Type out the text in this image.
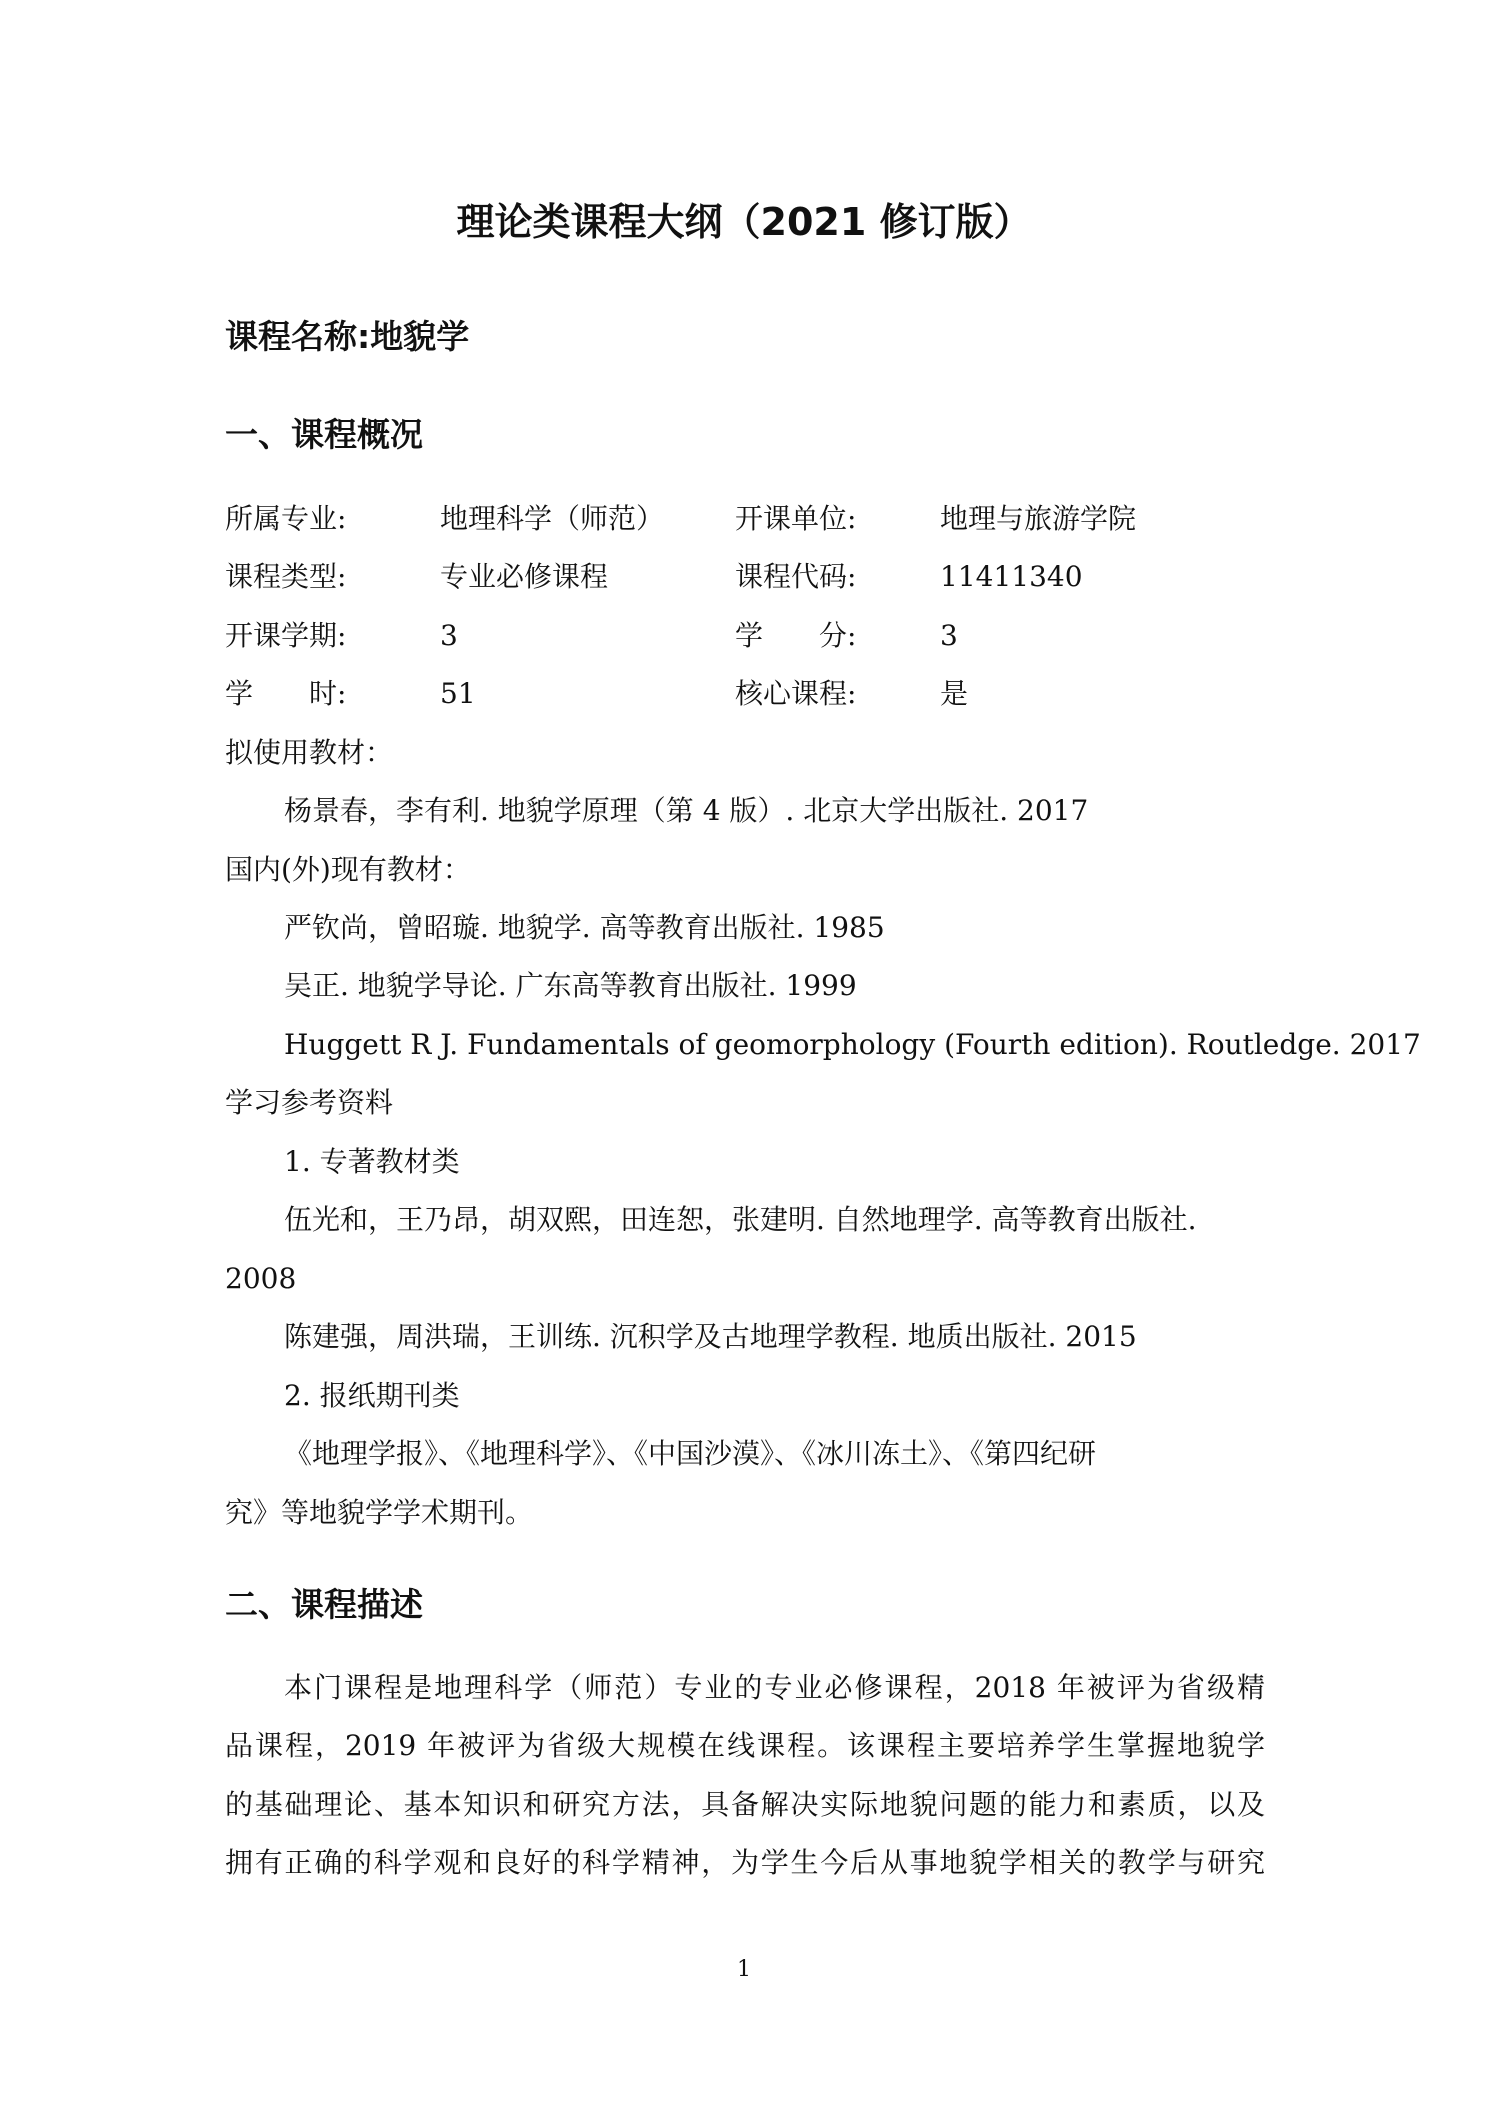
理论类课程大纲（2021 修订版）
课程名称:地貌学
一、课程概况
所属专业:	地理科学（师范）	开课单位:	地理与旅游学院
课程类型:	专业必修课程	课程代码:	11411340
开课学期:	3	学　　分:	3
学　　时:	51	核心课程:	是
拟使用教材：
杨景春，李有利. 地貌学原理（第 4 版）. 北京大学出版社. 2017
国内(外)现有教材：
严钦尚，曾昭璇. 地貌学. 高等教育出版社. 1985
吴正. 地貌学导论. 广东高等教育出版社. 1999
Huggett R J. Fundamentals of geomorphology (Fourth edition). Routledge. 2017
学习参考资料
1. 专著教材类
伍光和，王乃昂，胡双熙，田连恕，张建明. 自然地理学. 高等教育出版社.
2008
陈建强，周洪瑞，王训练. 沉积学及古地理学教程. 地质出版社. 2015
2. 报纸期刊类
《地理学报》、《地理科学》、《中国沙漠》、《冰川冻土》、《第四纪研
究》等地貌学学术期刊。
二、课程描述
本门课程是地理科学（师范）专业的专业必修课程，2018 年被评为省级精
品课程，2019 年被评为省级大规模在线课程。该课程主要培养学生掌握地貌学
的基础理论、基本知识和研究方法，具备解决实际地貌问题的能力和素质，以及
拥有正确的科学观和良好的科学精神，为学生今后从事地貌学相关的教学与研究
1
